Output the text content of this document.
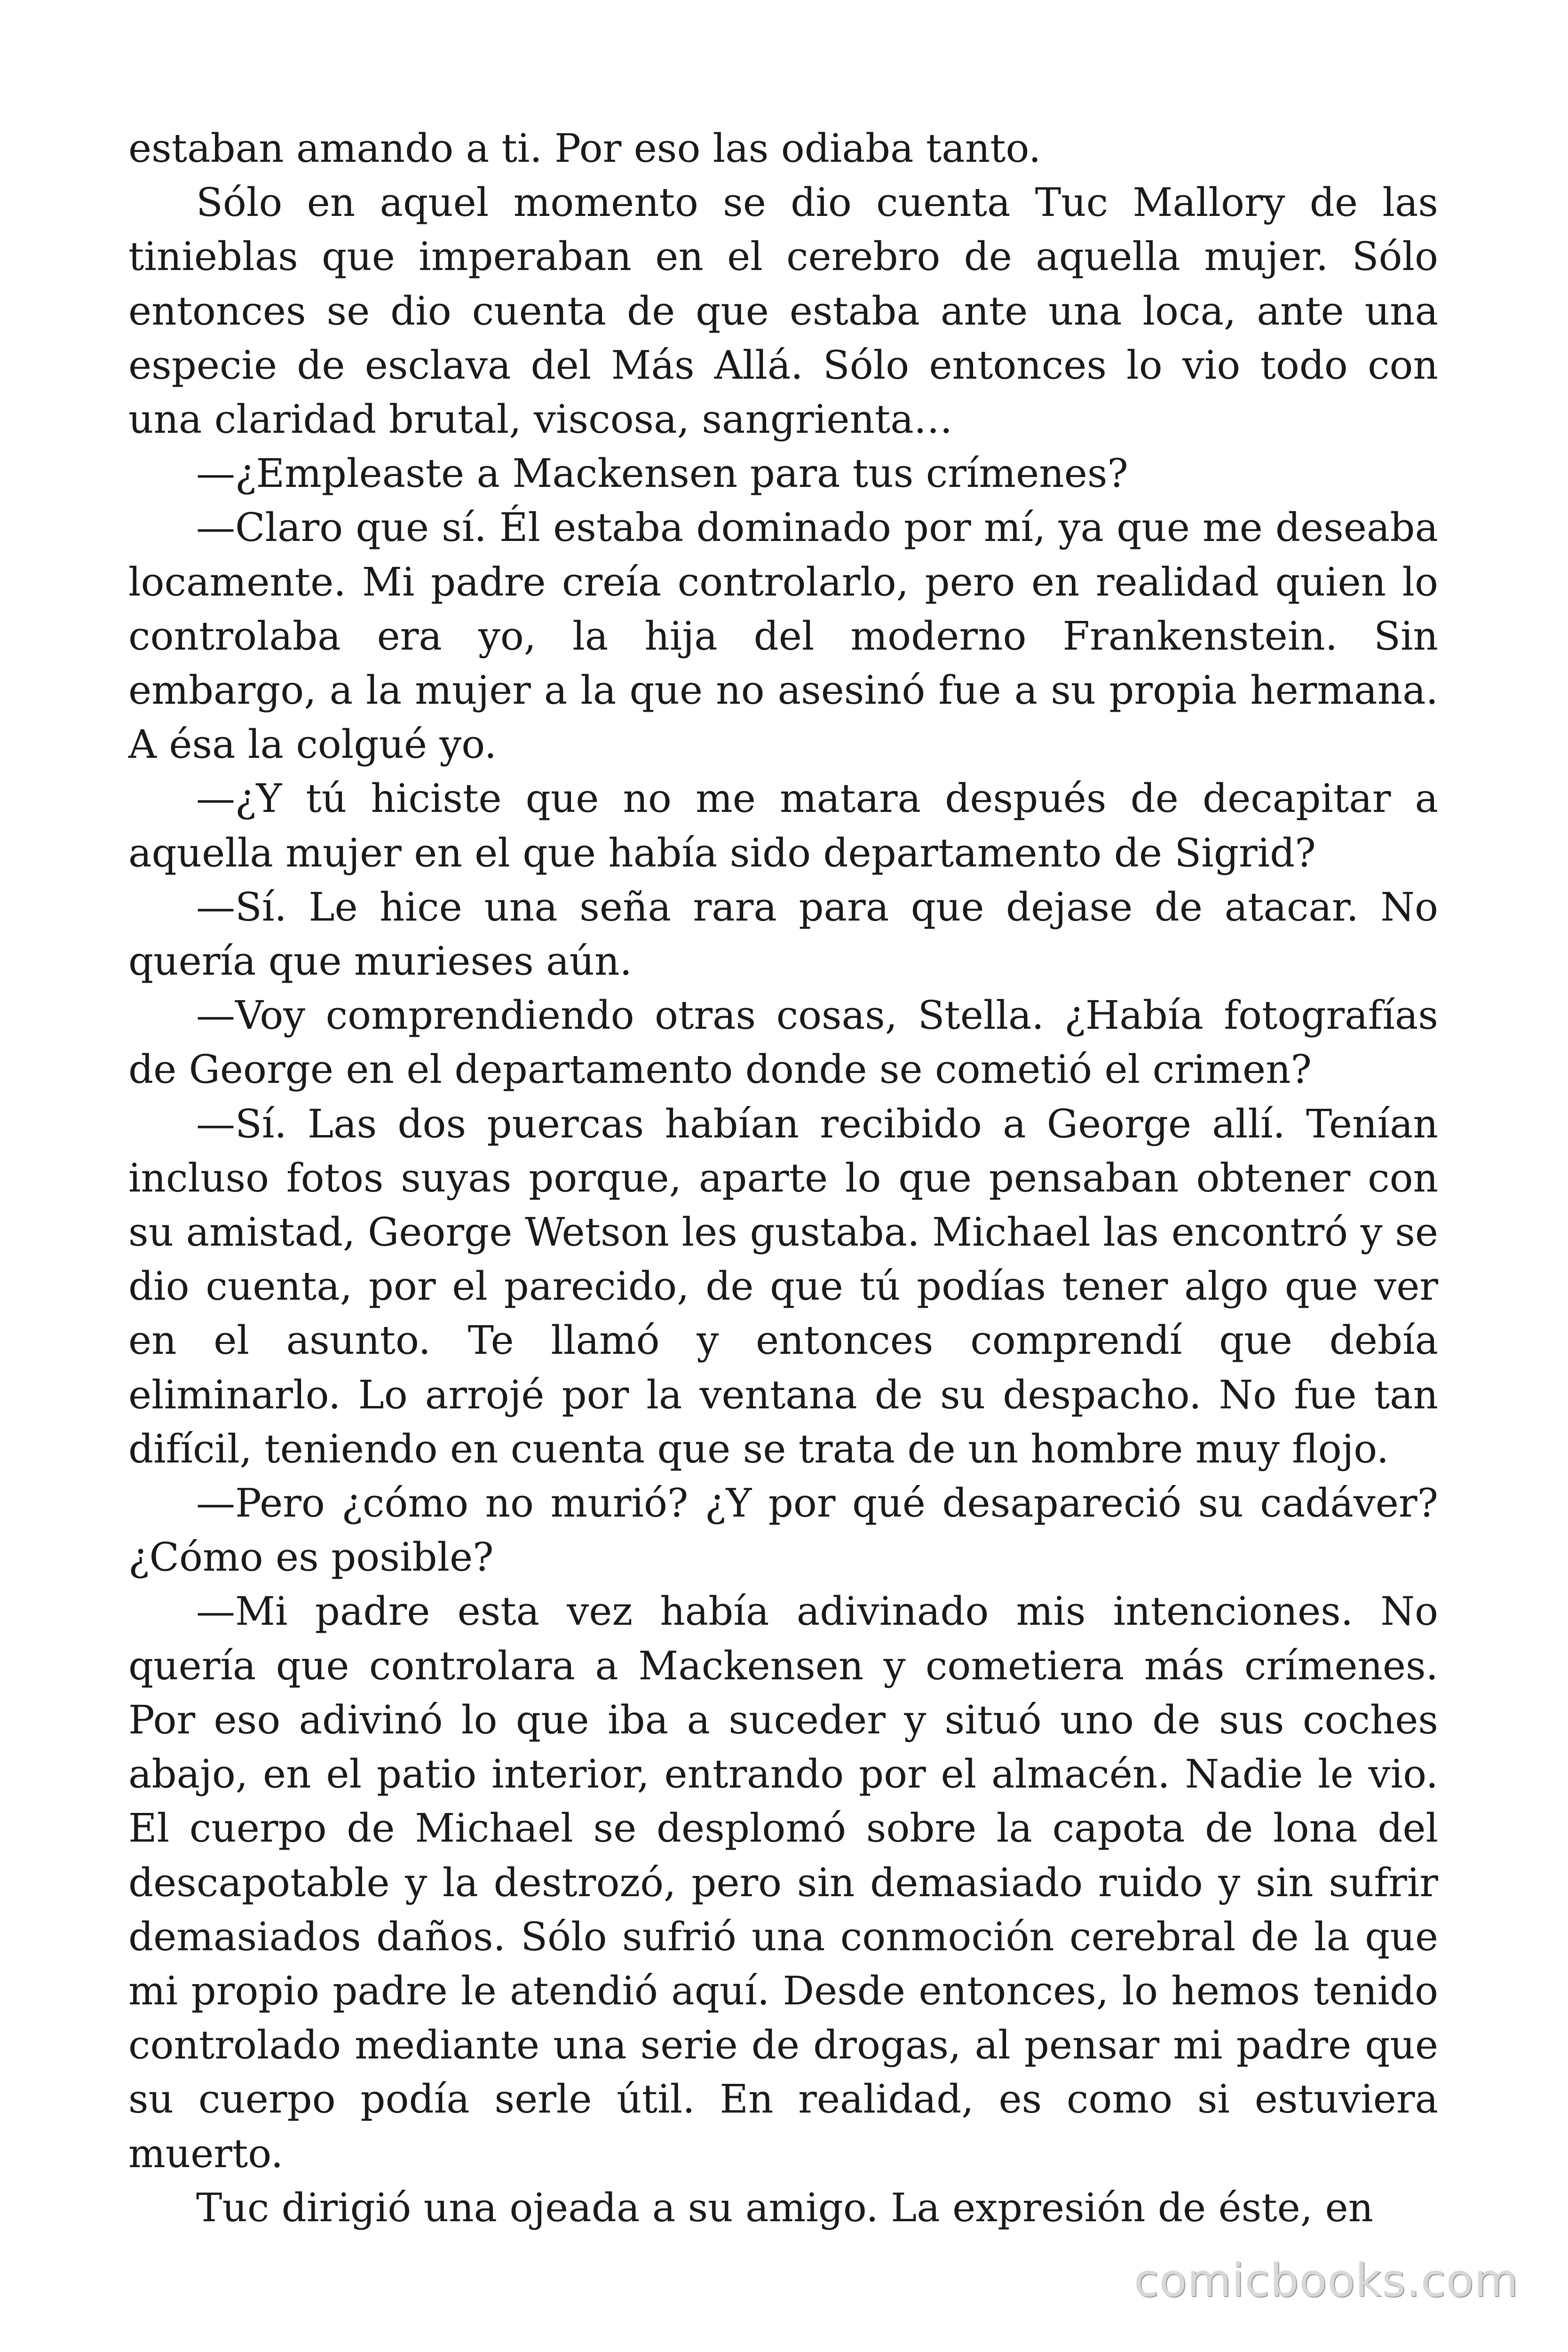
estaban amando a ti. Por eso las odiaba tanto.

Sólo en aquel momento se dio cuenta Tuc Mallory de las tinieblas que imperaban en el cerebro de aquella mujer. Sólo entonces se dio cuenta de que estaba ante una loca, ante una especie de esclava del Más Allá. Sólo entonces lo vio todo con una claridad brutal, viscosa, sangrienta…

—¿Empleaste a Mackensen para tus crímenes?

—Claro que sí. Él estaba dominado por mí, ya que me deseaba locamente. Mi padre creía controlarlo, pero en realidad quien lo controlaba era yo, la hija del moderno Frankenstein. Sin embargo, a la mujer a la que no asesinó fue a su propia hermana. A ésa la colgué yo.

—¿Y tú hiciste que no me matara después de decapitar a aquella mujer en el que había sido departamento de Sigrid?

—Sí. Le hice una seña rara para que dejase de atacar. No quería que murieses aún.

—Voy comprendiendo otras cosas, Stella. ¿Había fotografías de George en el departamento donde se cometió el crimen?

—Sí. Las dos puercas habían recibido a George allí. Tenían incluso fotos suyas porque, aparte lo que pensaban obtener con su amistad, George Wetson les gustaba. Michael las encontró y se dio cuenta, por el parecido, de que tú podías tener algo que ver en el asunto. Te llamó y entonces comprendí que debía eliminarlo. Lo arrojé por la ventana de su despacho. No fue tan difícil, teniendo en cuenta que se trata de un hombre muy flojo.

—Pero ¿cómo no murió? ¿Y por qué desapareció su cadáver? ¿Cómo es posible?

—Mi padre esta vez había adivinado mis intenciones. No quería que controlara a Mackensen y cometiera más crímenes. Por eso adivinó lo que iba a suceder y situó uno de sus coches abajo, en el patio interior, entrando por el almacén. Nadie le vio. El cuerpo de Michael se desplomó sobre la capota de lona del descapotable y la destrozó, pero sin demasiado ruido y sin sufrir demasiados daños. Sólo sufrió una conmoción cerebral de la que mi propio padre le atendió aquí. Desde entonces, lo hemos tenido controlado mediante una serie de drogas, al pensar mi padre que su cuerpo podía serle útil. En realidad, es como si estuviera muerto.

Tuc dirigió una ojeada a su amigo. La expresión de éste, en

comicbooks.com
